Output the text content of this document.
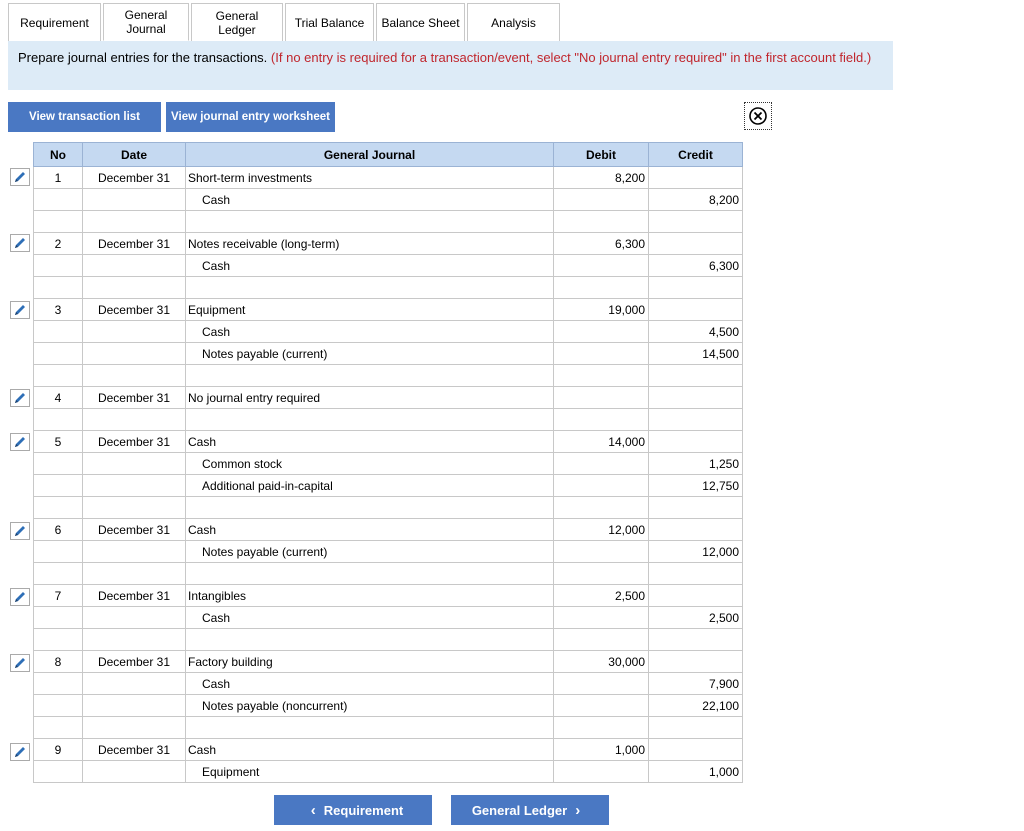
Requirement
General
Journal
General
Ledger	Trial Balance Balance Sheet	Analysis
Prepare journal entries for the transactions. (If no entry is required for a transaction/event, select "No journal entry required" in the first account field.)
View transaction list	View journal entry worksheet
No	Date	General Journal	Debit	Credit
1	December 31	Short-term investments	8,200	
		Cash		8,200

2	December 31	Notes receivable (long-term)	6,300	
		Cash		6,300

3	December 31	Equipment	19,000	
		Cash		4,500
		Notes payable (current)		14,500

4	December 31	No journal entry required		

5	December 31	Cash	14,000	
		Common stock		1,250
		Additional paid-in-capital		12,750

6	December 31	Cash	12,000	
		Notes payable (current)		12,000

7	December 31	Intangibles	2,500	
		Cash		2,500

8	December 31	Factory building	30,000	
		Cash		7,900
		Notes payable (noncurrent)		22,100

9	December 31	Cash	1,000	
		Equipment		1,000
‹ Requirement	General Ledger ›
